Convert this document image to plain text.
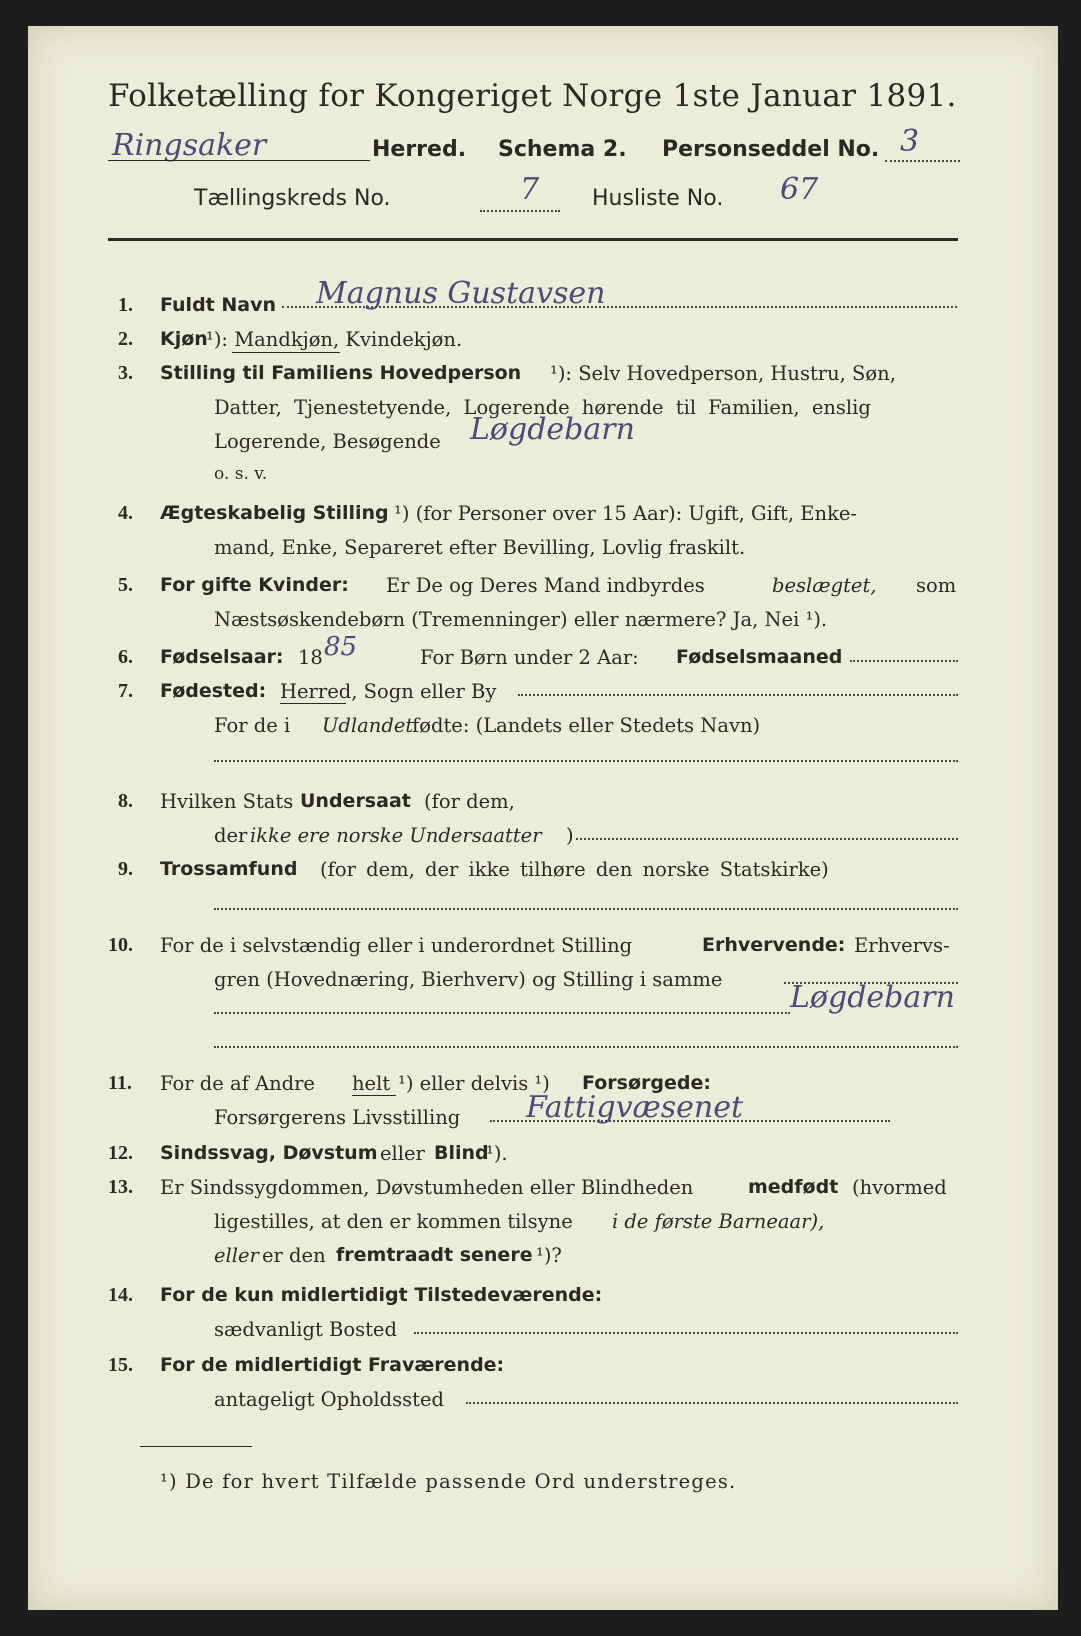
Folketælling for Kongeriget Norge 1ste Januar 1891.
Ringsaker	Herred. Schema 2. Personseddel No. 3
Tællingskreds No.	7 Husliste No. 67
1. Fuldt Navn Magnus Gustavsen
2. Kjøn
¹): Mandkjøn, Kvindekjøn.
3. Stilling til Familiens Hovedperson ¹): Selv Hovedperson, Hustru, Søn,
Datter, Tjenestetyende, Logerende hørende til Familien, enslig
Logerende, Besøgende Løgdebarn
o. s. v.
4. Ægteskabelig Stilling ¹) (for Personer over 15 Aar): Ugift, Gift, Enke-
mand, Enke, Separeret efter Bevilling, Lovlig fraskilt.
5. For gifte Kvinder: Er De og Deres Mand indbyrdes	beslægtet, som
Næstsøskendebørn (Tremenninger) eller nærmere? Ja, Nei ¹).
6. Fødselsaar: 18 85	For Børn under 2 Aar: Fødselsmaaned
7. Fødested: Herred, Sogn eller By
For de i Udlandet
fødte: (Landets eller Stedets Navn)
8. Hvilken Stats Undersaat (for dem,
der ikke ere norske Undersaatter )
9. Trossamfund (for dem, der ikke tilhøre den norske Statskirke)
10. For de i selvstændig eller i underordnet Stilling	Erhvervende: Erhvervs-
gren (Hovednæring, Bierhverv) og Stilling i samme
Løgdebarn
11. For de af Andre helt ¹) eller delvis ¹) Forsørgede:
Forsørgerens Livsstilling Fattigvæsenet
12. Sindssvag, Døvstum eller Blind
¹).
13. Er Sindssygdommen, Døvstumheden eller Blindheden	medfødt (hvormed
ligestilles, at den er kommen tilsyne i de første Barneaar),
eller er den fremtraadt senere ¹)?
14. For de kun midlertidigt Tilstedeværende:
sædvanligt Bosted
15. For de midlertidigt Fraværende:
antageligt Opholdssted
¹) De for hvert Tilfælde passende Ord understreges.
